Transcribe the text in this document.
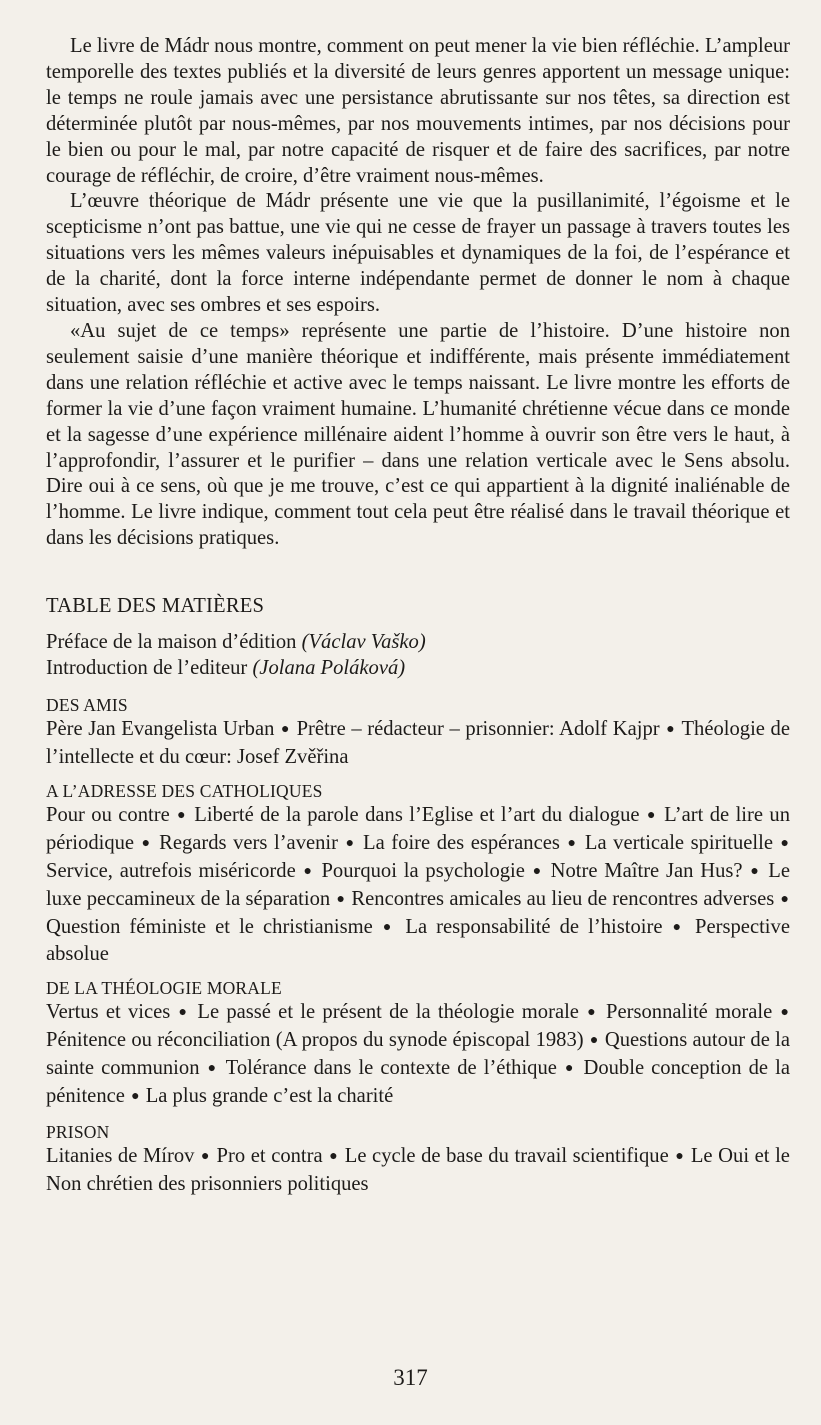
Le livre de Mádr nous montre, comment on peut mener la vie bien réfléchie. L’ampleur temporelle des textes publiés et la diversité de leurs genres apportent un message unique: le temps ne roule jamais avec une persistance abrutissante sur nos têtes, sa direction est déterminée plutôt par nous-mêmes, par nos mouvements intimes, par nos décisions pour le bien ou pour le mal, par notre capacité de risquer et de faire des sacrifices, par notre courage de réfléchir, de croire, d’être vraiment nous-mêmes.

L’œuvre théorique de Mádr présente une vie que la pusillanimité, l’égoisme et le scepticisme n’ont pas battue, une vie qui ne cesse de frayer un passage à travers toutes les situations vers les mêmes valeurs inépuisables et dynamiques de la foi, de l’espérance et de la charité, dont la force interne indépendante permet de donner le nom à chaque situation, avec ses ombres et ses espoirs.

«Au sujet de ce temps» représente une partie de l’histoire. D’une histoire non seulement saisie d’une manière théorique et indifférente, mais présente immédiatement dans une relation réfléchie et active avec le temps naissant. Le livre montre les efforts de former la vie d’une façon vraiment humaine. L’humanité chrétienne vécue dans ce monde et la sagesse d’une expérience millénaire aident l’homme à ouvrir son être vers le haut, à l’approfondir, l’assurer et le purifier – dans une relation verticale avec le Sens absolu. Dire oui à ce sens, où que je me trouve, c’est ce qui appartient à la dignité inaliénable de l’homme. Le livre indique, comment tout cela peut être réalisé dans le travail théorique et dans les décisions pratiques.

TABLE DES MATIÈRES

Préface de la maison d’édition (Václav Vaško)

Introduction de l’editeur (Jolana Poláková)

DES AMIS

Père Jan Evangelista Urban ● Prêtre – rédacteur – prisonnier: Adolf Kajpr ● Théologie de l’intellecte et du cœur: Josef Zvěřina

A L’ADRESSE DES CATHOLIQUES

Pour ou contre ● Liberté de la parole dans l’Eglise et l’art du dialogue ● L’art de lire un périodique ● Regards vers l’avenir ● La foire des espérances ● La verticale spirituelle ● Service, autrefois miséricorde ● Pourquoi la psychologie ● Notre Maître Jan Hus? ● Le luxe peccamineux de la séparation ● Rencontres amicales au lieu de rencontres adverses ● Question féministe et le christianisme ● La responsabilité de l’histoire ● Perspective absolue

DE LA THÉOLOGIE MORALE

Vertus et vices ● Le passé et le présent de la théologie morale ● Personnalité morale ● Pénitence ou réconciliation (A propos du synode épiscopal 1983) ● Questions autour de la sainte communion ● Tolérance dans le contexte de l’éthique ● Double conception de la pénitence ● La plus grande c’est la charité

PRISON

Litanies de Mírov ● Pro et contra ● Le cycle de base du travail scientifique ● Le Oui et le Non chrétien des prisonniers politiques

317
